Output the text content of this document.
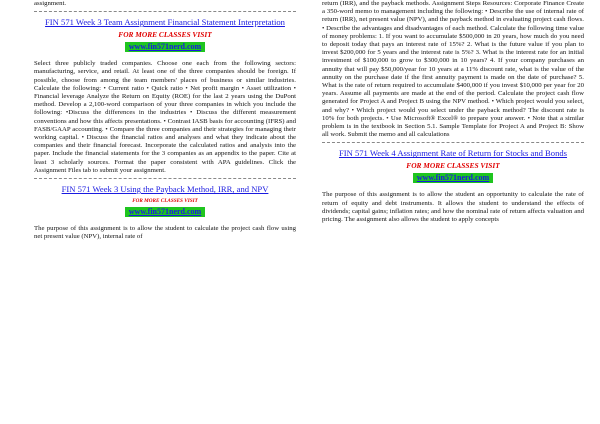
assignment.

FIN 571 Week 3 Team Assignment Financial Statement Interpretation
FOR MORE CLASSES VISIT
www.fin571nerd.com

Select three publicly traded companies. Choose one each from the following sectors: manufacturing, service, and retail. At least one of the three companies should be foreign. If possible, choose from among the team members' places of business or similar industries. Calculate the following: • Current ratio • Quick ratio • Net profit margin • Asset utilization • Financial leverage Analyze the Return on Equity (ROE) for the last 2 years using the DuPont method. Develop a 2,100-word comparison of your three companies in which you include the following: •Discuss the differences in the industries • Discuss the different measurement conventions and how this affects presentations. • Contrast IASB basis for accounting (IFRS) and FASB/GAAP accounting. • Compare the three companies and their strategies for managing their working capital. • Discuss the financial ratios and analyses and what they indicate about the companies and their financial forecast. Incorporate the calculated ratios and analysis into the paper. Include the financial statements for the 3 companies as an appendix to the paper. Cite at least 3 scholarly sources. Format the paper consistent with APA guidelines. Click the Assignment Files tab to submit your assignment.

FIN 571 Week 3 Using the Payback Method, IRR, and NPV
FOR MORE CLASSES VISIT
www.fin571nerd.com

The purpose of this assignment is to allow the student to calculate the project cash flow using net present value (NPV), internal rate of

return (IRR), and the payback methods. Assignment Steps Resources: Corporate Finance Create a 350-word memo to management including the following: • Describe the use of internal rate of return (IRR), net present value (NPV), and the payback method in evaluating project cash flows. • Describe the advantages and disadvantages of each method. Calculate the following time value of money problems: 1. If you want to accumulate $500,000 in 20 years, how much do you need to deposit today that pays an interest rate of 15%? 2. What is the future value if you plan to invest $200,000 for 5 years and the interest rate is 5%? 3. What is the interest rate for an initial investment of $100,000 to grow to $300,000 in 10 years? 4. If your company purchases an annuity that will pay $50,000/year for 10 years at a 11% discount rate, what is the value of the annuity on the purchase date if the first annuity payment is made on the date of purchase? 5. What is the rate of return required to accumulate $400,000 if you invest $10,000 per year for 20 years. Assume all payments are made at the end of the period. Calculate the project cash flow generated for Project A and Project B using the NPV method. • Which project would you select, and why? • Which project would you select under the payback method? The discount rate is 10% for both projects. • Use Microsoft® Excel® to prepare your answer. • Note that a similar problem is in the textbook in Section 5.1. Sample Template for Project A and Project B: Show all work. Submit the memo and all calculations

FIN 571 Week 4 Assignment Rate of Return for Stocks and Bonds
FOR MORE CLASSES VISIT
www.fin571nerd.com

The purpose of this assignment is to allow the student an opportunity to calculate the rate of return of equity and debt instruments. It allows the student to understand the effects of dividends; capital gains; inflation rates; and how the nominal rate of return affects valuation and pricing. The assignment also allows the student to apply concepts
